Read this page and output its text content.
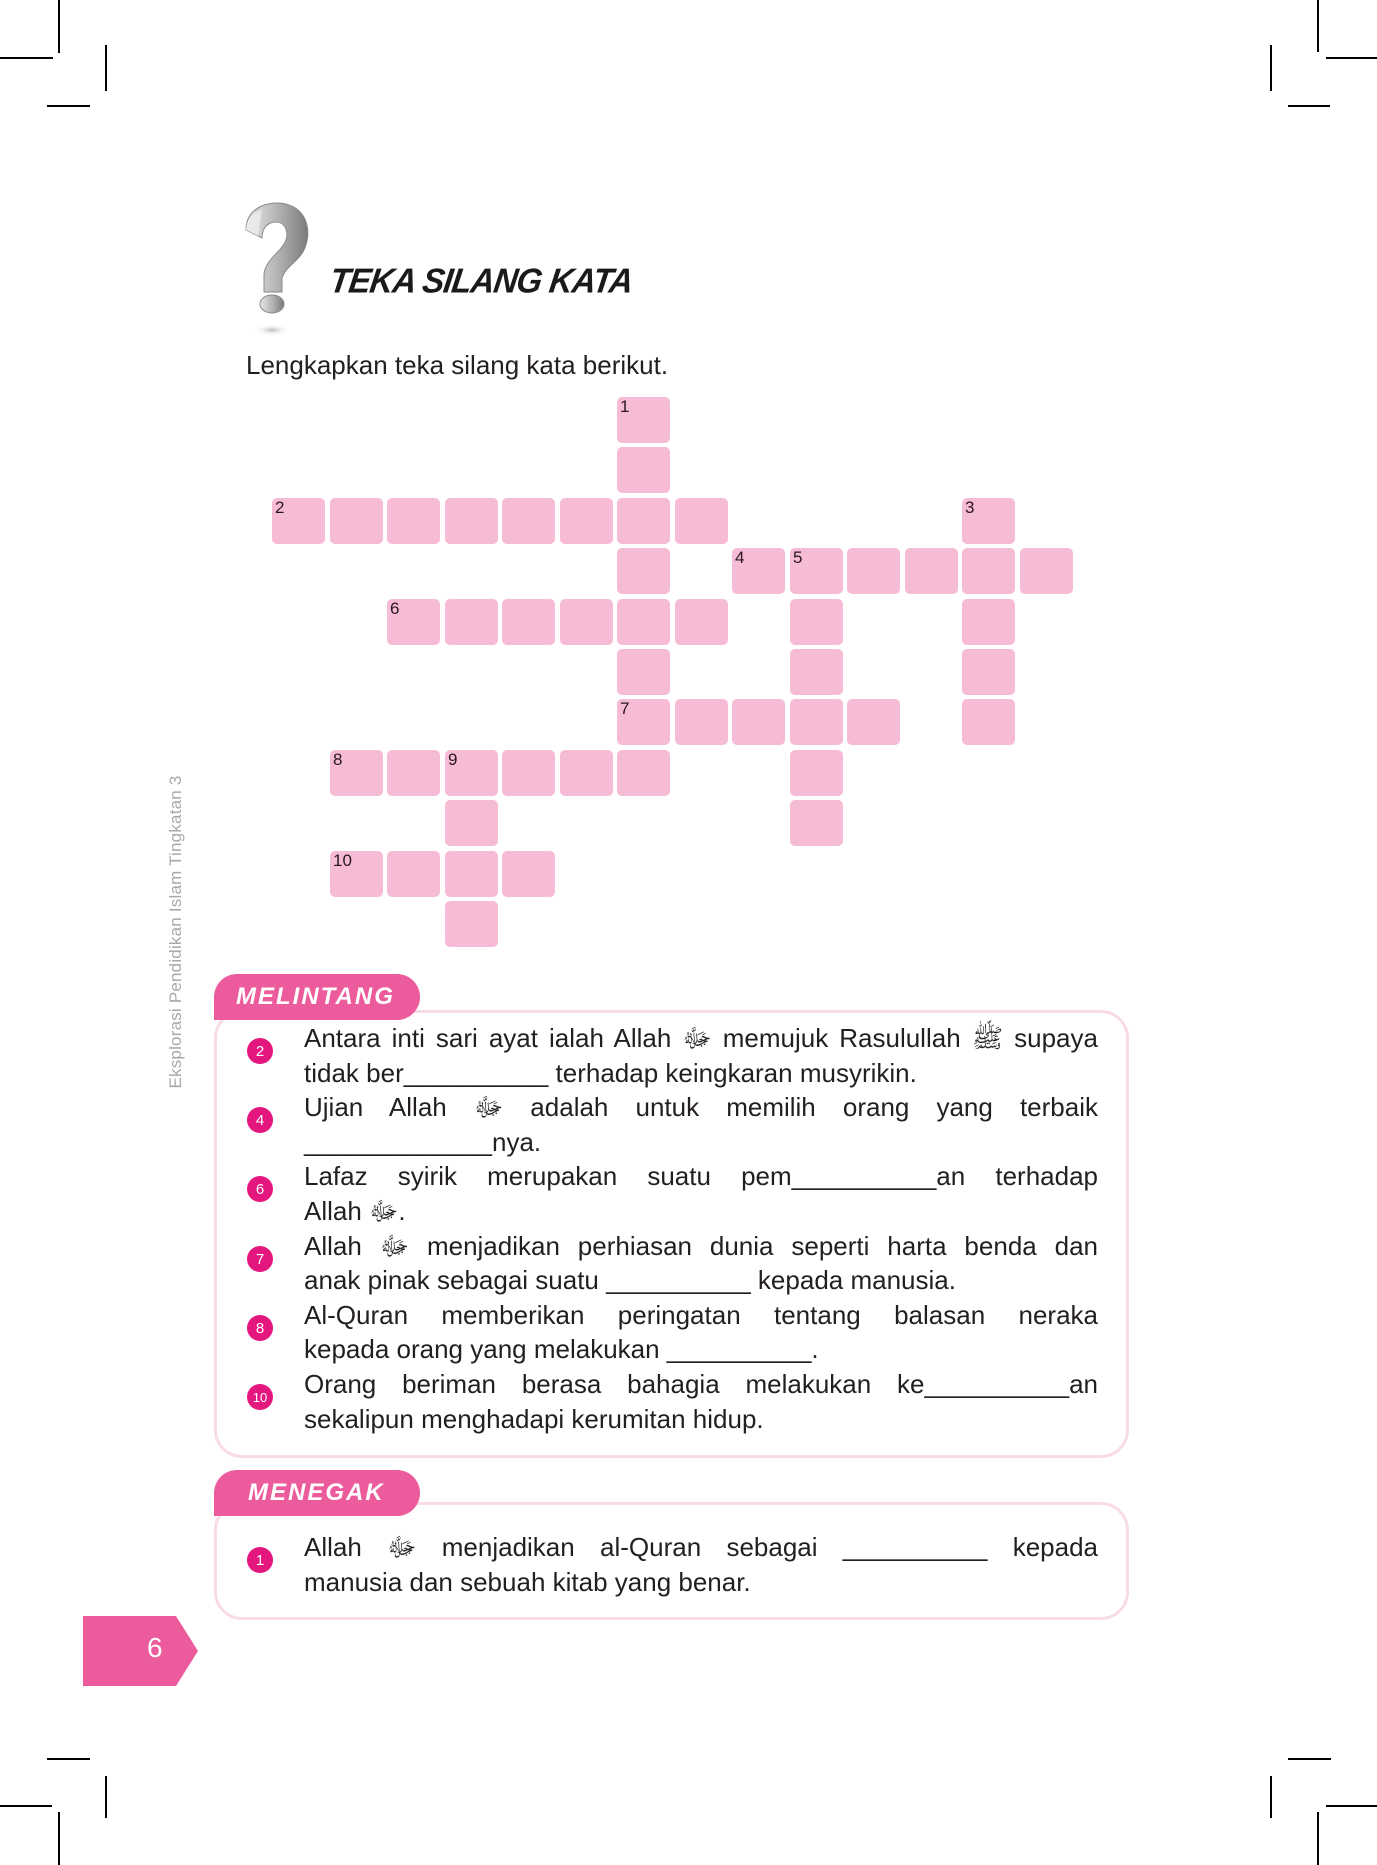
TEKA SILANG KATA
Lengkapkan teka silang kata berikut.
1
7
2	3
4	5
6
8	9
10
Eksplorasi Pendidikan Islam Tingkatan 3 MELINTANG
2	Antara inti sari ayat ialah Allah ﷻ memujuk Rasulullah ﷺ supaya
tidak ber__________ terhadap keingkaran musyrikin.
4	Ujian Allah ﷻ adalah untuk memilih orang yang terbaik
_____________nya.
6	Lafaz syirik merupakan suatu pem__________an terhadap
Allah ﷻ.
7	Allah ﷻ menjadikan perhiasan dunia seperti harta benda dan
anak pinak sebagai suatu __________ kepada manusia.
8	Al-Quran memberikan peringatan tentang balasan neraka
kepada orang yang melakukan __________.
10 Orang beriman berasa bahagia melakukan ke__________an
sekalipun menghadapi kerumitan hidup.
MENEGAK
1	Allah ﷻ menjadikan al-Quran sebagai __________ kepada
manusia dan sebuah kitab yang benar.
6
